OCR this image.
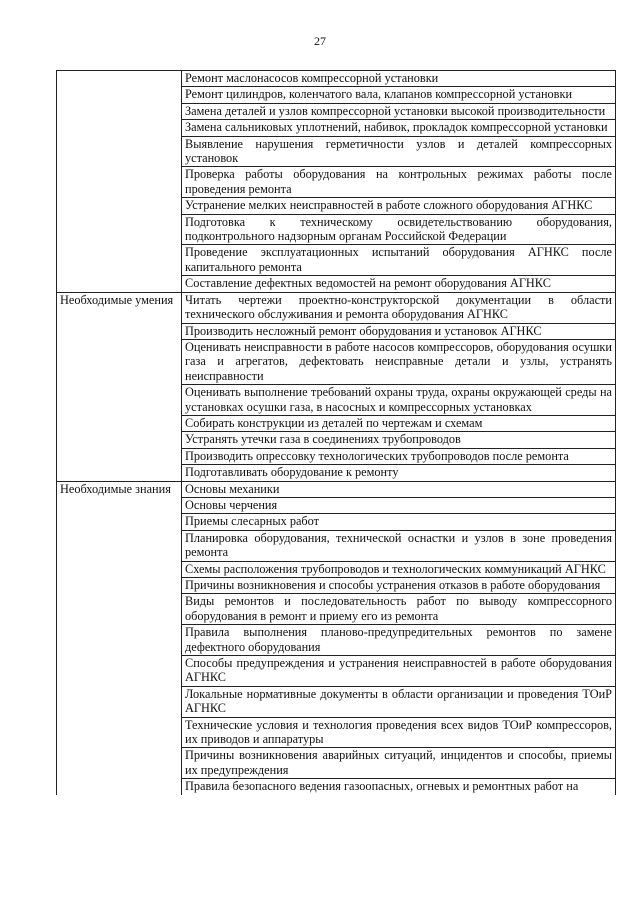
27
	Ремонт маслонасосов компрессорной установки
	Ремонт цилиндров, коленчатого вала, клапанов компрессорной установки
	Замена деталей и узлов компрессорной установки высокой производительности
	Замена сальниковых уплотнений, набивок, прокладок компрессорной установки
	Выявление нарушения герметичности узлов и деталей компрессорных установок
	Проверка работы оборудования на контрольных режимах работы после проведения ремонта
	Устранение мелких неисправностей в работе сложного оборудования АГНКС
	Подготовка к техническому освидетельствованию оборудования, подконтрольного надзорным органам Российской Федерации
	Проведение эксплуатационных испытаний оборудования АГНКС после капитального ремонта
	Составление дефектных ведомостей на ремонт оборудования АГНКС
Необходимые умения	Читать чертежи проектно-конструкторской документации в области технического обслуживания и ремонта оборудования АГНКС
	Производить несложный ремонт оборудования и установок АГНКС
	Оценивать неисправности в работе насосов компрессоров, оборудования осушки газа и агрегатов, дефектовать неисправные детали и узлы, устранять неисправности
	Оценивать выполнение требований охраны труда, охраны окружающей среды на установках осушки газа, в насосных и компрессорных установках
	Собирать конструкции из деталей по чертежам и схемам
	Устранять утечки газа в соединениях трубопроводов
	Производить опрессовку технологических трубопроводов после ремонта
	Подготавливать оборудование к ремонту
Необходимые знания	Основы механики
	Основы черчения
	Приемы слесарных работ
	Планировка оборудования, технической оснастки и узлов в зоне проведения ремонта
	Схемы расположения трубопроводов и технологических коммуникаций АГНКС
	Причины возникновения и способы устранения отказов в работе оборудования
	Виды ремонтов и последовательность работ по выводу компрессорного оборудования в ремонт и приему его из ремонта
	Правила выполнения планово-предупредительных ремонтов по замене дефектного оборудования
	Способы предупреждения и устранения неисправностей в работе оборудования АГНКС
	Локальные нормативные документы в области организации и проведения ТОиР АГНКС
	Технические условия и технология проведения всех видов ТОиР компрессоров, их приводов и аппаратуры
	Причины возникновения аварийных ситуаций, инцидентов и способы, приемы их предупреждения
	Правила безопасного ведения газоопасных, огневых и ремонтных работ на
